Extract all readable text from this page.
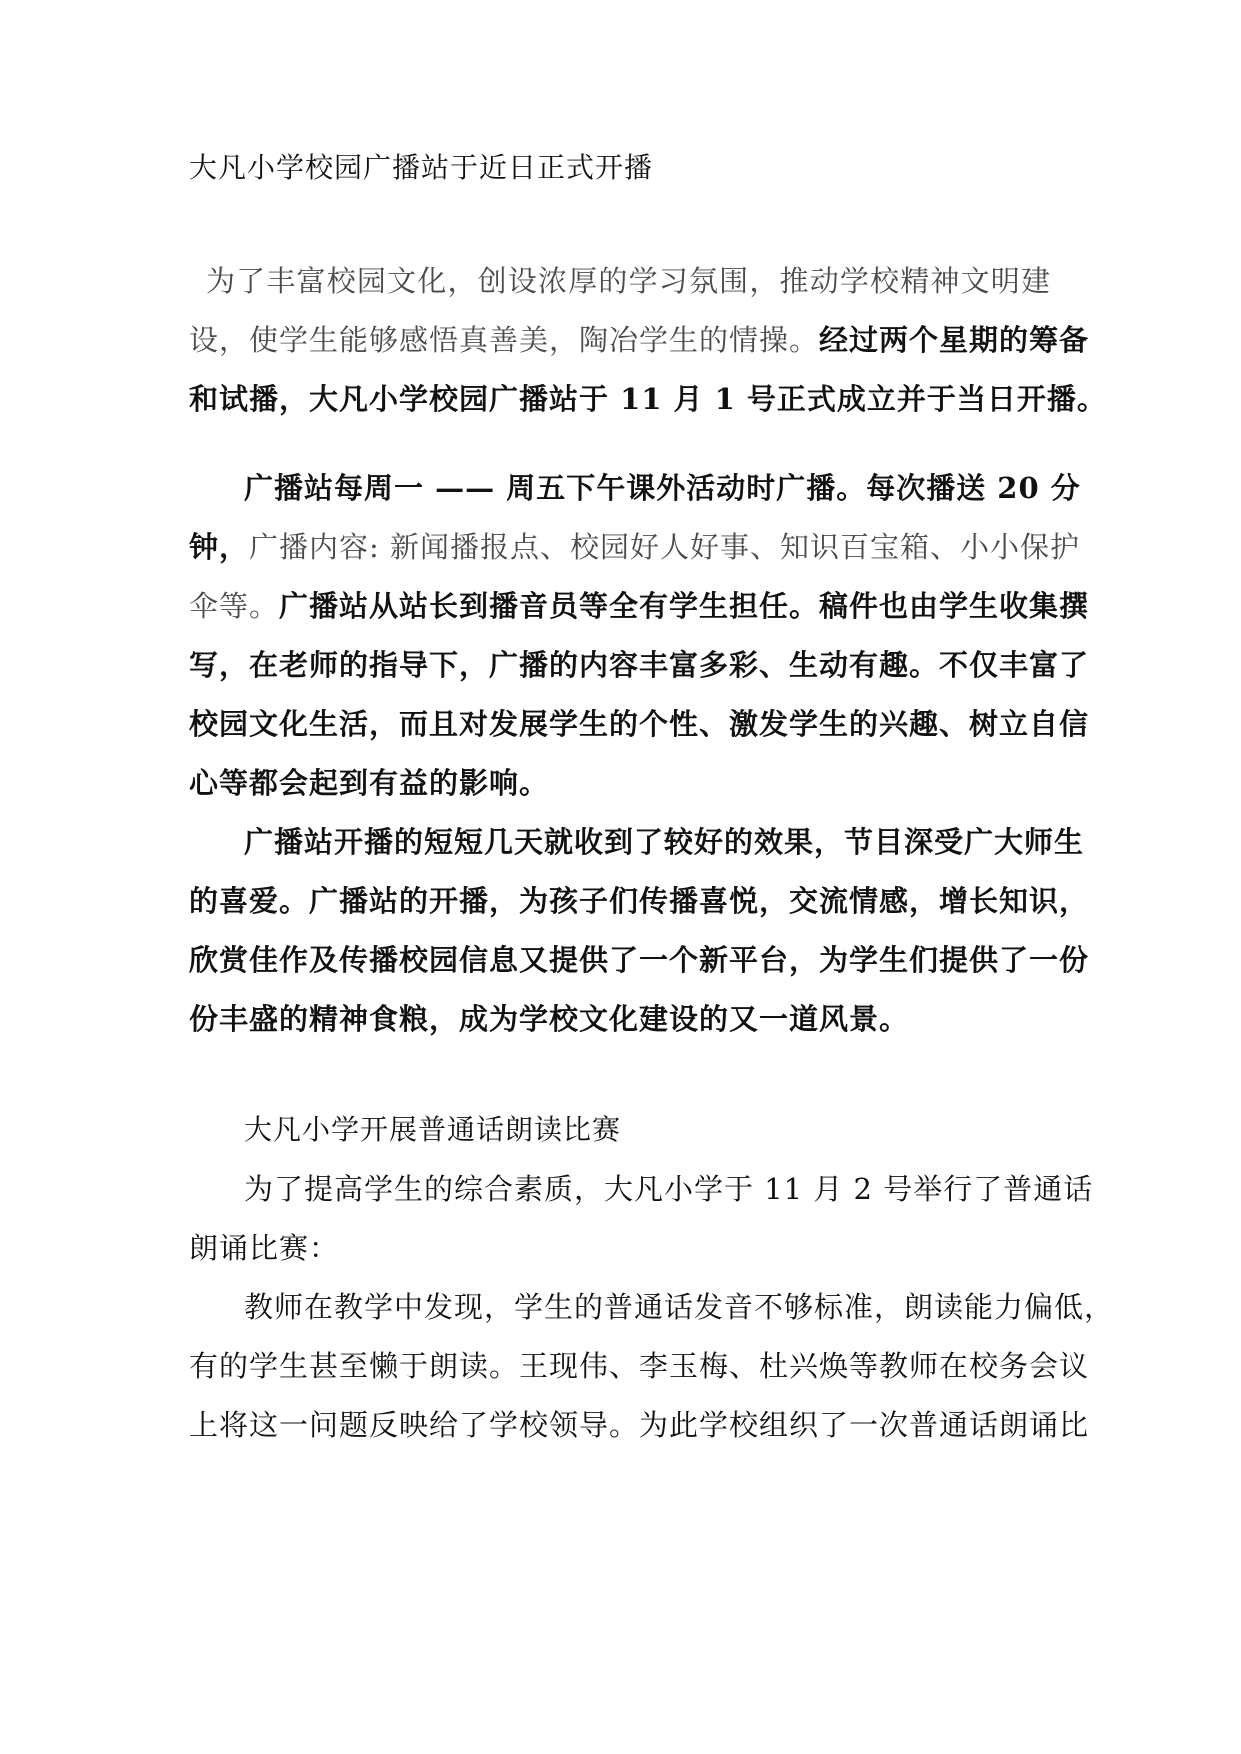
大凡小学校园广播站于近日正式开播
为了丰富校园文化，创设浓厚的学习氛围，推动学校精神文明建
设，使学生能够感悟真善美，陶冶学生的情操。经过两个星期的筹备
和试播，大凡小学校园广播站于 11 月 1 号正式成立并于当日开播。
广播站每周一 —— 周五下午课外活动时广播。每次播送 20 分
钟，广播内容: 新闻播报点、校园好人好事、知识百宝箱、小小保护
伞等。广播站从站长到播音员等全有学生担任。稿件也由学生收集撰
写，在老师的指导下，广播的内容丰富多彩、生动有趣。不仅丰富了
校园文化生活，而且对发展学生的个性、激发学生的兴趣、树立自信
心等都会起到有益的影响。
广播站开播的短短几天就收到了较好的效果，节目深受广大师生
的喜爱。广播站的开播，为孩子们传播喜悦，交流情感，增长知识，
欣赏佳作及传播校园信息又提供了一个新平台，为学生们提供了一份
份丰盛的精神食粮，成为学校文化建设的又一道风景。
大凡小学开展普通话朗读比赛
为了提高学生的综合素质，大凡小学于 11 月 2 号举行了普通话
朗诵比赛：
教师在教学中发现，学生的普通话发音不够标准，朗读能力偏低，
有的学生甚至懒于朗读。王现伟、李玉梅、杜兴焕等教师在校务会议
上将这一问题反映给了学校领导。为此学校组织了一次普通话朗诵比
